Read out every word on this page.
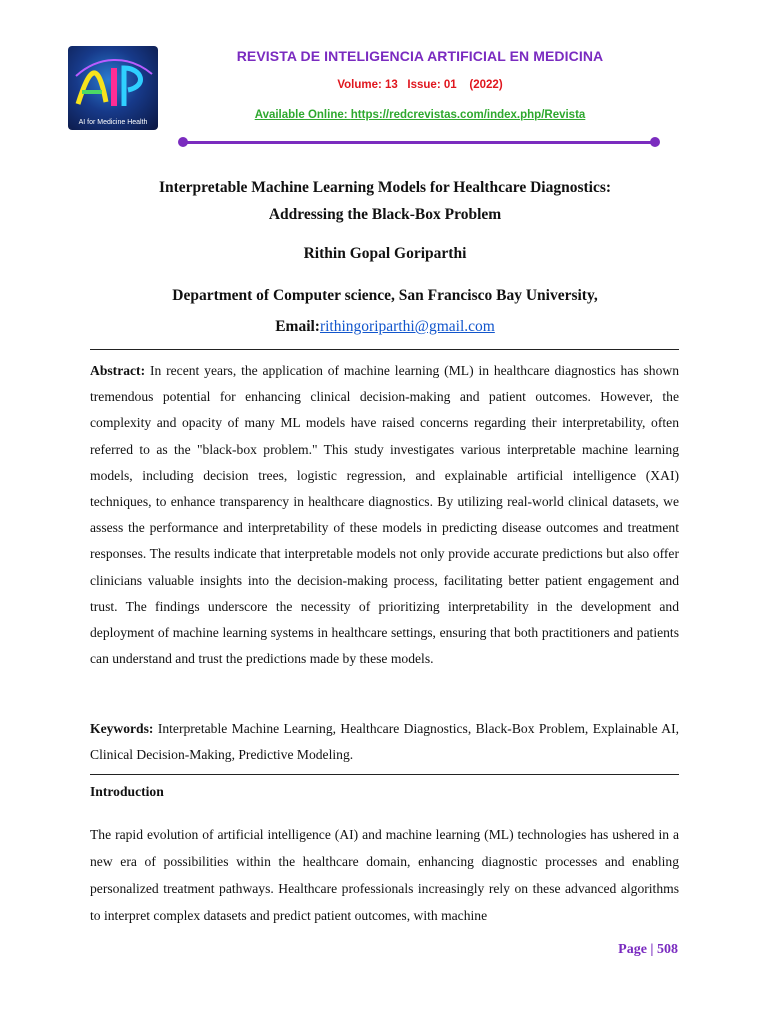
AI for Medicine Health
REVISTA DE INTELIGENCIA ARTIFICIAL EN MEDICINA
Volume: 13   Issue: 01    (2022)
Available Online: https://redcrevistas.com/index.php/Revista
Interpretable Machine Learning Models for Healthcare Diagnostics:
Addressing the Black-Box Problem
Rithin Gopal Goriparthi
Department of Computer science, San Francisco Bay University,
Email:rithingoriparthi@gmail.com

Abstract: In recent years, the application of machine learning (ML) in healthcare diagnostics has shown tremendous potential for enhancing clinical decision-making and patient outcomes. However, the complexity and opacity of many ML models have raised concerns regarding their interpretability, often referred to as the "black-box problem." This study investigates various interpretable machine learning models, including decision trees, logistic regression, and explainable artificial intelligence (XAI) techniques, to enhance transparency in healthcare diagnostics. By utilizing real-world clinical datasets, we assess the performance and interpretability of these models in predicting disease outcomes and treatment responses. The results indicate that interpretable models not only provide accurate predictions but also offer clinicians valuable insights into the decision-making process, facilitating better patient engagement and trust. The findings underscore the necessity of prioritizing interpretability in the development and deployment of machine learning systems in healthcare settings, ensuring that both practitioners and patients can understand and trust the predictions made by these models.

Keywords: Interpretable Machine Learning, Healthcare Diagnostics, Black-Box Problem, Explainable AI, Clinical Decision-Making, Predictive Modeling.

Introduction

The rapid evolution of artificial intelligence (AI) and machine learning (ML) technologies has ushered in a new era of possibilities within the healthcare domain, enhancing diagnostic processes and enabling personalized treatment pathways. Healthcare professionals increasingly rely on these advanced algorithms to interpret complex datasets and predict patient outcomes, with machine

Page | 508
